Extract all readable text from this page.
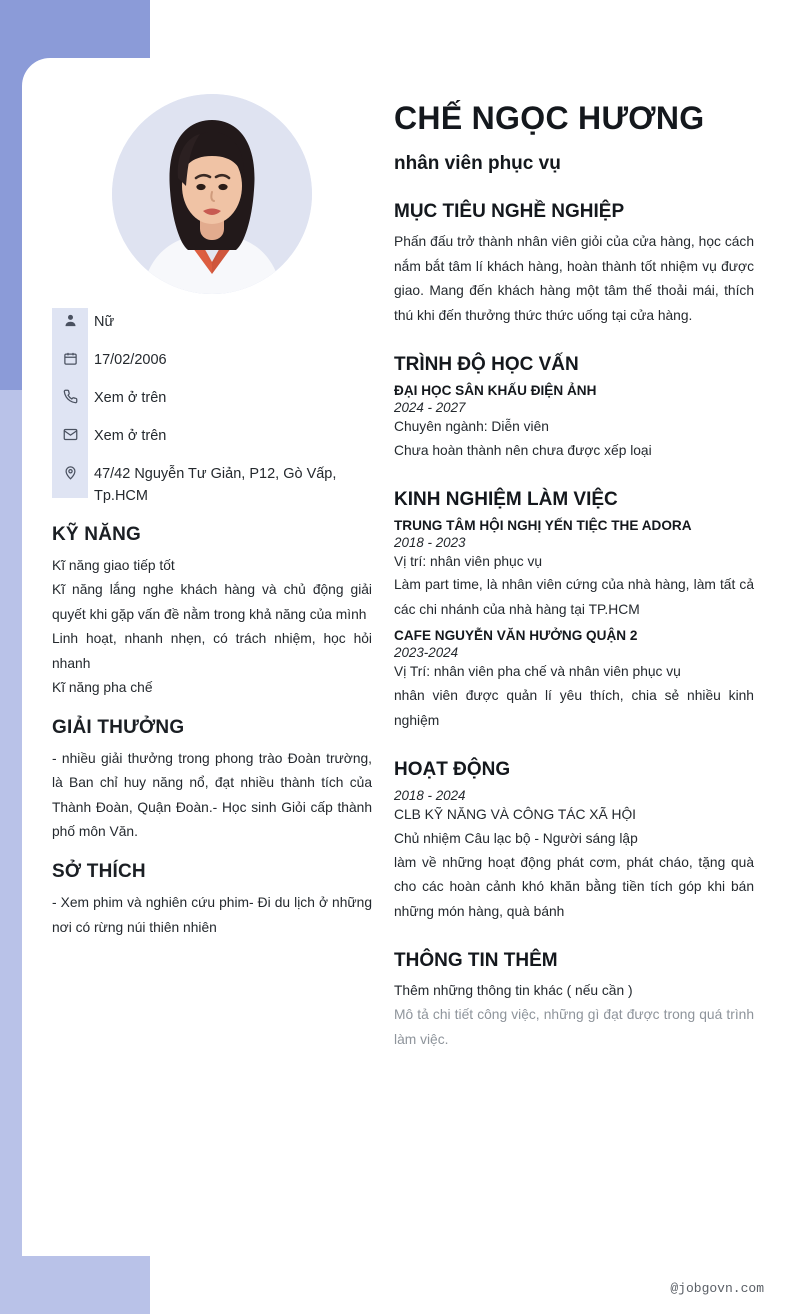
Nữ
17/02/2006
Xem ở trên
Xem ở trên
47/42 Nguyễn Tư Giản, P12, Gò Vấp, Tp.HCM
KỸ NĂNG

Kĩ năng giao tiếp tốt

Kĩ năng lắng nghe khách hàng và chủ động giải quyết khi gặp vấn đề nằm trong khả năng của mình

Linh hoạt, nhanh nhẹn, có trách nhiệm, học hỏi nhanh

Kĩ năng pha chế

GIẢI THƯỞNG

- nhiều giải thưởng trong phong trào Đoàn trường, là Ban chỉ huy năng nổ, đạt nhiều thành tích của Thành Đoàn, Quận Đoàn.- Học sinh Giỏi cấp thành phố môn Văn.

SỞ THÍCH

- Xem phim và nghiên cứu phim- Đi du lịch ở những nơi có rừng núi thiên nhiên

CHẾ NGỌC HƯƠNG
nhân viên phục vụ
MỤC TIÊU NGHỀ NGHIỆP
Phấn đấu trở thành nhân viên giỏi của cửa hàng, học cách nắm bắt tâm lí khách hàng, hoàn thành tốt nhiệm vụ được giao. Mang đến khách hàng một tâm thế thoải mái, thích thú khi đến thưởng thức thức uống tại cửa hàng.
TRÌNH ĐỘ HỌC VẤN
ĐẠI HỌC SÂN KHẤU ĐIỆN ẢNH
2024 - 2027
Chuyên ngành: Diễn viên
Chưa hoàn thành nên chưa được xếp loại
KINH NGHIỆM LÀM VIỆC
TRUNG TÂM HỘI NGHỊ YẾN TIỆC THE ADORA
2018 - 2023
Vị trí: nhân viên phục vụ
Làm part time, là nhân viên cứng của nhà hàng, làm tất cả các chi nhánh của nhà hàng tại TP.HCM
CAFE NGUYỄN VĂN HƯỞNG QUẬN 2
2023-2024
Vị Trí: nhân viên pha chế và nhân viên phục vụ
nhân viên được quản lí yêu thích, chia sẻ nhiều kinh nghiệm
HOẠT ĐỘNG
2018 - 2024
CLB KỸ NĂNG VÀ CÔNG TÁC XÃ HỘI
Chủ nhiệm Câu lạc bộ - Người sáng lập
làm về những hoạt động phát cơm, phát cháo, tặng quà cho các hoàn cảnh khó khăn bằng tiền tích góp khi bán những món hàng, quà bánh
THÔNG TIN THÊM
Thêm những thông tin khác ( nếu cần )
Mô tả chi tiết công việc, những gì đạt được trong quá trình làm việc.
@jobgovn.com
